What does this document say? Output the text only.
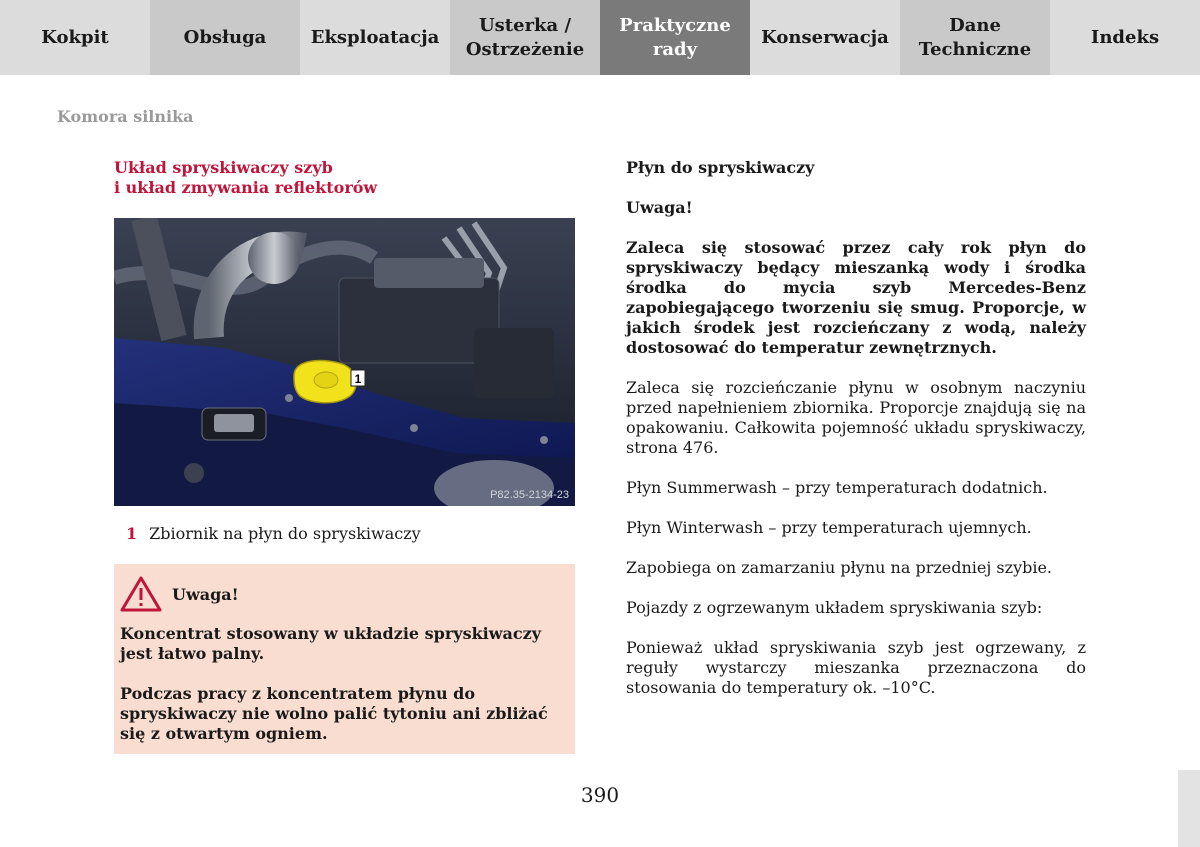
Kokpit	Obsługa	Eksploatacja
Usterka /
Ostrzeżenie
Praktyczne
rady
Konserwacja
Dane
Techniczne
Indeks
Komora silnika
Układ spryskiwaczy szyb
i układ zmywania reflektorów
1
P82.35-2134-23
1 Zbiornik na płyn do spryskiwaczy
Uwaga!

Koncentrat stosowany w układzie spryskiwaczy jest łatwo palny.

Podczas pracy z koncentratem płynu do spryskiwaczy nie wolno palić tytoniu ani zbliżać się z otwartym ogniem.

Płyn do spryskiwaczy

Uwaga!

Zaleca się stosować przez cały rok płyn do spryskiwaczy będący mieszanką wody i środka środka do mycia szyb Mercedes-Benz zapobiegającego tworzeniu się smug. Proporcje, w jakich środek jest rozcieńczany z wodą, należy dostosować do temperatur zewnętrznych.

Zaleca się rozcieńczanie płynu w osobnym naczyniu przed napełnieniem zbiornika. Proporcje znajdują się na opakowaniu. Całkowita pojemność układu spryskiwaczy, strona 476.

Płyn Summerwash – przy temperaturach dodatnich.

Płyn Winterwash – przy temperaturach ujemnych.

Zapobiega on zamarzaniu płynu na przedniej szybie.

Pojazdy z ogrzewanym układem spryskiwania szyb:

Ponieważ układ spryskiwania szyb jest ogrzewany, z reguły wystarczy mieszanka przeznaczona do stosowania do temperatury ok. –10°C.

390
